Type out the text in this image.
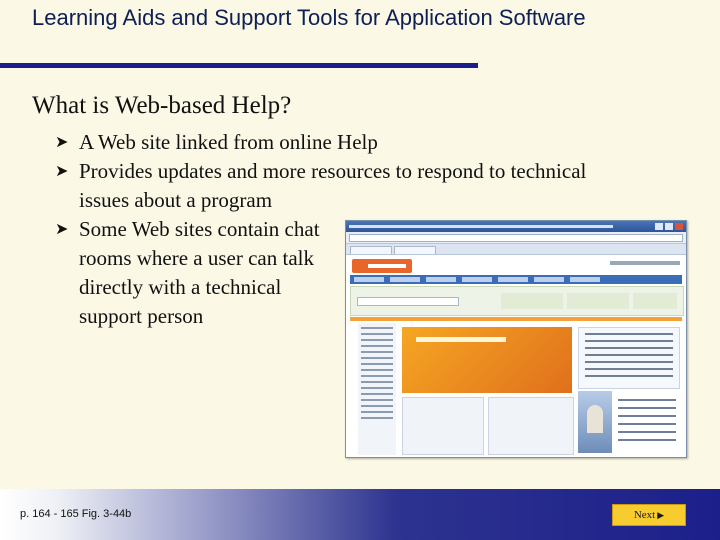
Learning Aids and Support Tools for Application Software
What is Web-based Help?
➤ A Web site linked from online Help
➤ Provides updates and more resources to respond to technical issues about a program
➤ Some Web sites contain chat rooms where a user can talk directly with a technical support person
p. 164 - 165 Fig. 3-44b	Next ▶
